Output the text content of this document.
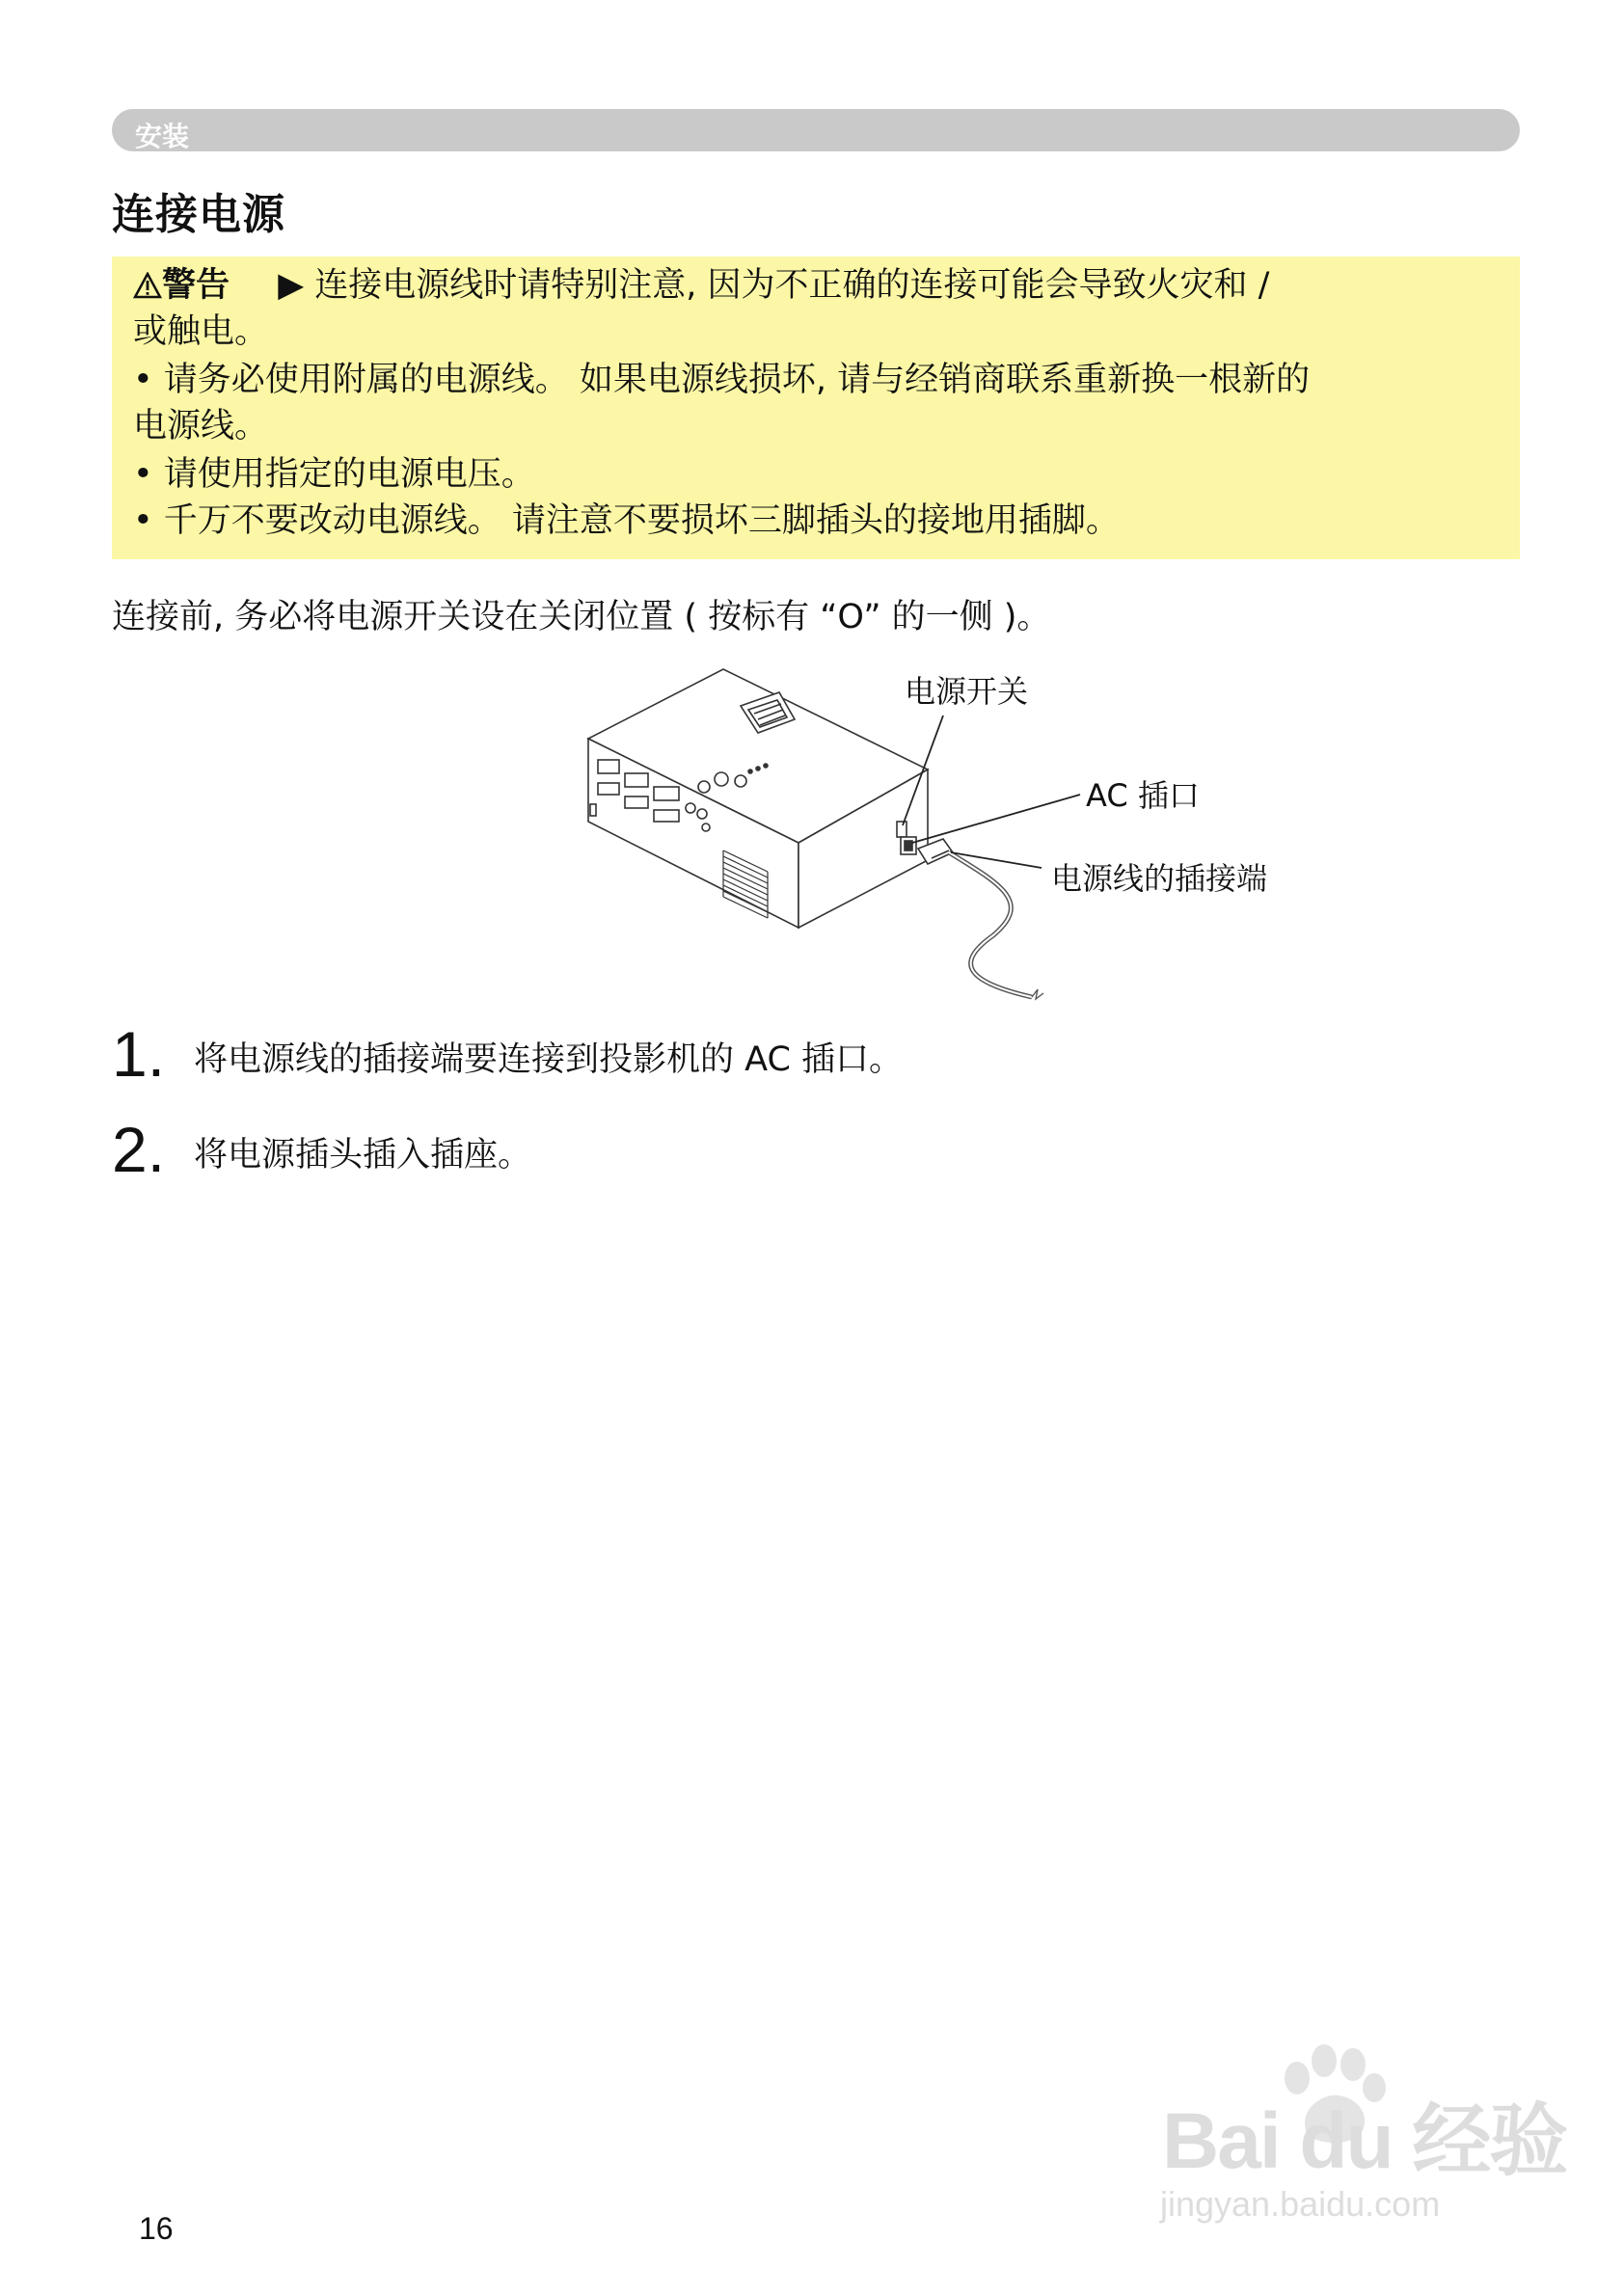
安装
连接电源
警告 ▶ 连接电源线时请特别注意, 因为不正确的连接可能会导致火灾和 /
或触电。
• 请务必使用附属的电源线。 如果电源线损坏, 请与经销商联系重新换一根新的
电源线。
• 请使用指定的电源电压。
• 千万不要改动电源线。 请注意不要损坏三脚插头的接地用插脚。
连接前, 务必将电源开关设在关闭位置 ( 按标有 “O” 的一侧 )。
电源开关
AC 插口
电源线的插接端
1. 将电源线的插接端要连接到投影机的 AC 插口。
2. 将电源插头插入插座。
16
Bai du 经验
jingyan.baidu.com
